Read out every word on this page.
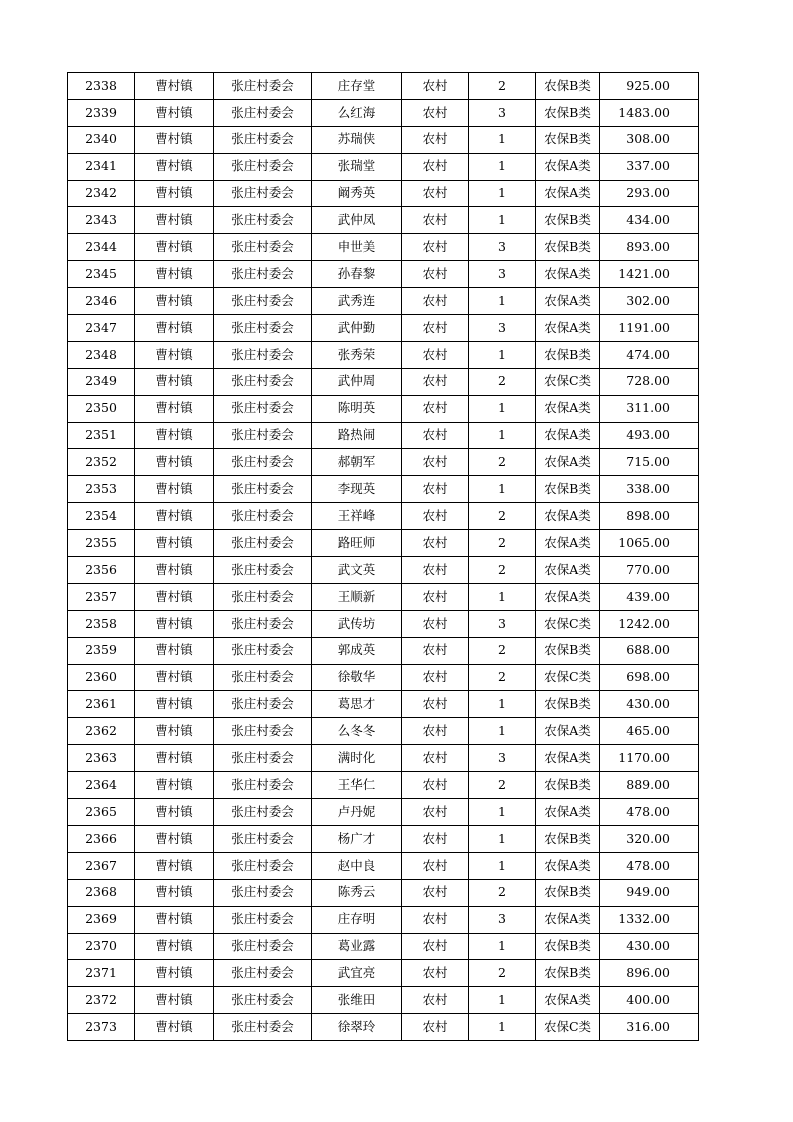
2338	曹村镇	张庄村委会	庄存堂	农村	2	农保B类	925.00
2339	曹村镇	张庄村委会	么红海	农村	3	农保B类	1483.00
2340	曹村镇	张庄村委会	苏瑞侠	农村	1	农保B类	308.00
2341	曹村镇	张庄村委会	张瑞堂	农村	1	农保A类	337.00
2342	曹村镇	张庄村委会	阚秀英	农村	1	农保A类	293.00
2343	曹村镇	张庄村委会	武仲凤	农村	1	农保B类	434.00
2344	曹村镇	张庄村委会	申世美	农村	3	农保B类	893.00
2345	曹村镇	张庄村委会	孙春黎	农村	3	农保A类	1421.00
2346	曹村镇	张庄村委会	武秀连	农村	1	农保A类	302.00
2347	曹村镇	张庄村委会	武仲勤	农村	3	农保A类	1191.00
2348	曹村镇	张庄村委会	张秀荣	农村	1	农保B类	474.00
2349	曹村镇	张庄村委会	武仲周	农村	2	农保C类	728.00
2350	曹村镇	张庄村委会	陈明英	农村	1	农保A类	311.00
2351	曹村镇	张庄村委会	路热闹	农村	1	农保A类	493.00
2352	曹村镇	张庄村委会	郝朝军	农村	2	农保A类	715.00
2353	曹村镇	张庄村委会	李现英	农村	1	农保B类	338.00
2354	曹村镇	张庄村委会	王祥峰	农村	2	农保A类	898.00
2355	曹村镇	张庄村委会	路旺师	农村	2	农保A类	1065.00
2356	曹村镇	张庄村委会	武文英	农村	2	农保A类	770.00
2357	曹村镇	张庄村委会	王顺新	农村	1	农保A类	439.00
2358	曹村镇	张庄村委会	武传坊	农村	3	农保C类	1242.00
2359	曹村镇	张庄村委会	郭成英	农村	2	农保B类	688.00
2360	曹村镇	张庄村委会	徐敬华	农村	2	农保C类	698.00
2361	曹村镇	张庄村委会	葛思才	农村	1	农保B类	430.00
2362	曹村镇	张庄村委会	么冬冬	农村	1	农保A类	465.00
2363	曹村镇	张庄村委会	满时化	农村	3	农保A类	1170.00
2364	曹村镇	张庄村委会	王华仁	农村	2	农保B类	889.00
2365	曹村镇	张庄村委会	卢丹妮	农村	1	农保A类	478.00
2366	曹村镇	张庄村委会	杨广才	农村	1	农保B类	320.00
2367	曹村镇	张庄村委会	赵中良	农村	1	农保A类	478.00
2368	曹村镇	张庄村委会	陈秀云	农村	2	农保B类	949.00
2369	曹村镇	张庄村委会	庄存明	农村	3	农保A类	1332.00
2370	曹村镇	张庄村委会	葛业露	农村	1	农保B类	430.00
2371	曹村镇	张庄村委会	武宜亮	农村	2	农保B类	896.00
2372	曹村镇	张庄村委会	张维田	农村	1	农保A类	400.00
2373	曹村镇	张庄村委会	徐翠玲	农村	1	农保C类	316.00
